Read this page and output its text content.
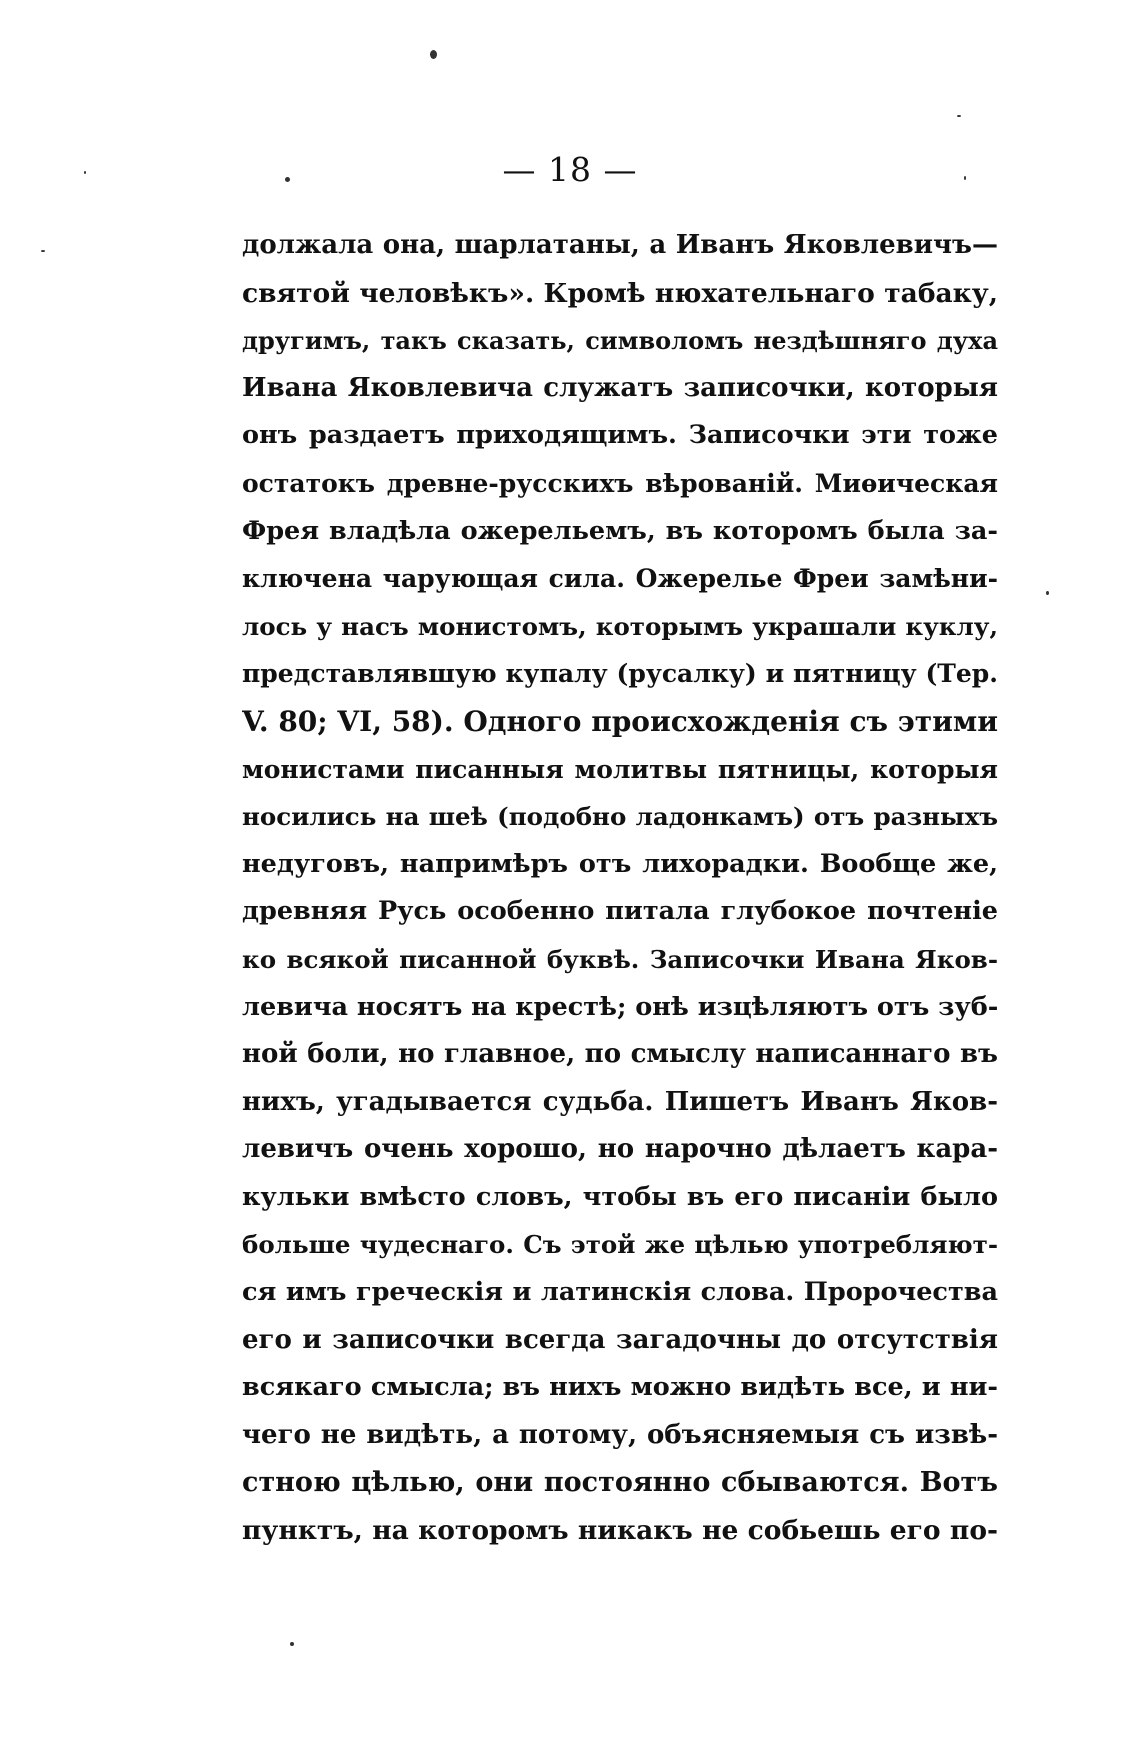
— 18 —
должала она, шарлатаны, а Иванъ Яковлевичъ—
святой человѣкъ». Кромѣ нюхательнаго табаку,
другимъ, такъ сказать, символомъ нездѣшняго духа
Ивана Яковлевича служатъ записочки, которыя
онъ раздаетъ приходящимъ. Записочки эти тоже
остатокъ древне-русскихъ вѣрованій. Миѳическая
Фрея владѣла ожерельемъ, въ которомъ была за-
ключена чарующая сила. Ожерелье Фреи замѣни-
лось у насъ монистомъ, которымъ украшали куклу,
представлявшую купалу (русалку) и пятницу (Тер.
V. 80; VI, 58). Одного происхожденія съ этими
монистами писанныя молитвы пятницы, которыя
носились на шеѣ (подобно ладонкамъ) отъ разныхъ
недуговъ, напримѣръ отъ лихорадки. Вообще же,
древняя Русь особенно питала глубокое почтеніе
ко всякой писанной буквѣ. Записочки Ивана Яков-
левича носятъ на крестѣ; онѣ изцѣляютъ отъ зуб-
ной боли, но главное, по смыслу написаннаго въ
нихъ, угадывается судьба. Пишетъ Иванъ Яков-
левичъ очень хорошо, но нарочно дѣлаетъ кара-
кульки вмѣсто словъ, чтобы въ его писаніи было
больше чудеснаго. Съ этой же цѣлью употребляют-
ся имъ греческія и латинскія слова. Пророчества
его и записочки всегда загадочны до отсутствія
всякаго смысла; въ нихъ можно видѣть все, и ни-
чего не видѣть, а потому, объясняемыя съ извѣ-
стною цѣлью, они постоянно сбываются. Вотъ
пунктъ, на которомъ никакъ не собьешь его по-
